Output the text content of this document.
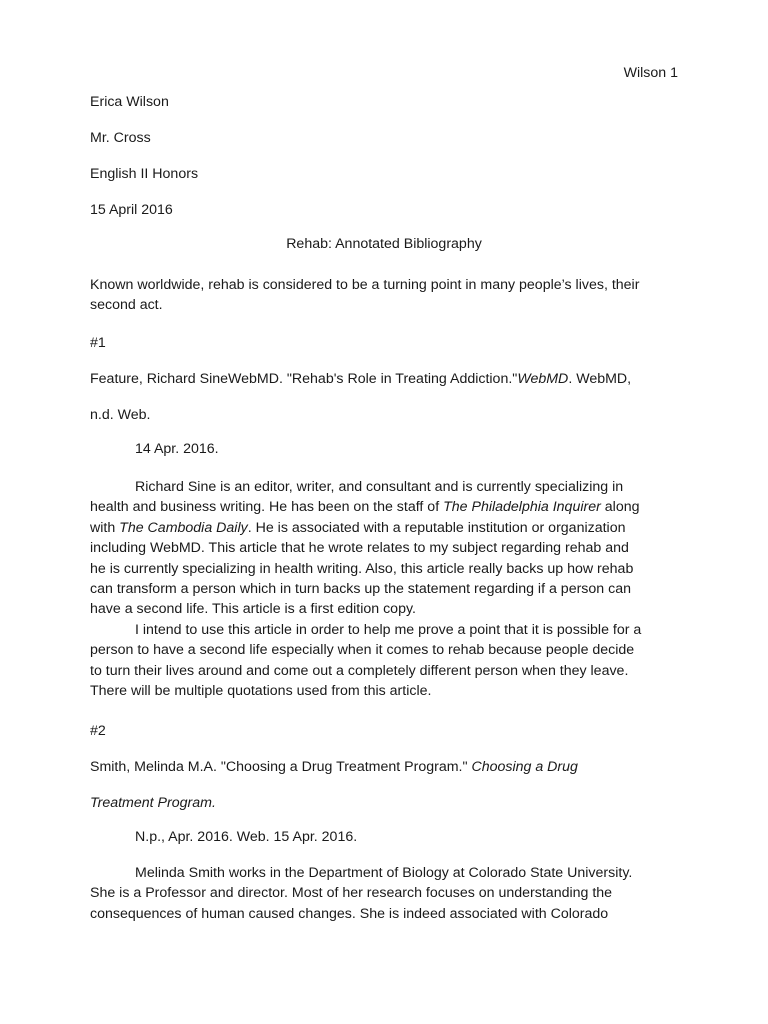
Wilson 1
Erica Wilson
Mr. Cross
English II Honors
15 April 2016
Rehab: Annotated Bibliography
Known worldwide, rehab is considered to be a turning point in many people’s lives, their
second act.
#1
Feature, Richard SineWebMD. "Rehab's Role in Treating Addiction."WebMD. WebMD,
n.d. Web.
14 Apr. 2016.
Richard Sine is an editor, writer, and consultant and is currently specializing in
health and business writing. He has been on the staff of The Philadelphia Inquirer along
with The Cambodia Daily. He is associated with a reputable institution or organization
including WebMD. This article that he wrote relates to my subject regarding rehab and
he is currently specializing in health writing. Also, this article really backs up how rehab
can transform a person which in turn backs up the statement regarding if a person can
have a second life. This article is a first edition copy.
I intend to use this article in order to help me prove a point that it is possible for a
person to have a second life especially when it comes to rehab because people decide
to turn their lives around and come out a completely different person when they leave.
There will be multiple quotations used from this article.
#2
Smith, Melinda M.A. "Choosing a Drug Treatment Program." Choosing a Drug
Treatment Program.
N.p., Apr. 2016. Web. 15 Apr. 2016.
Melinda Smith works in the Department of Biology at Colorado State University.
She is a Professor and director. Most of her research focuses on understanding the
consequences of human caused changes. She is indeed associated with Colorado
